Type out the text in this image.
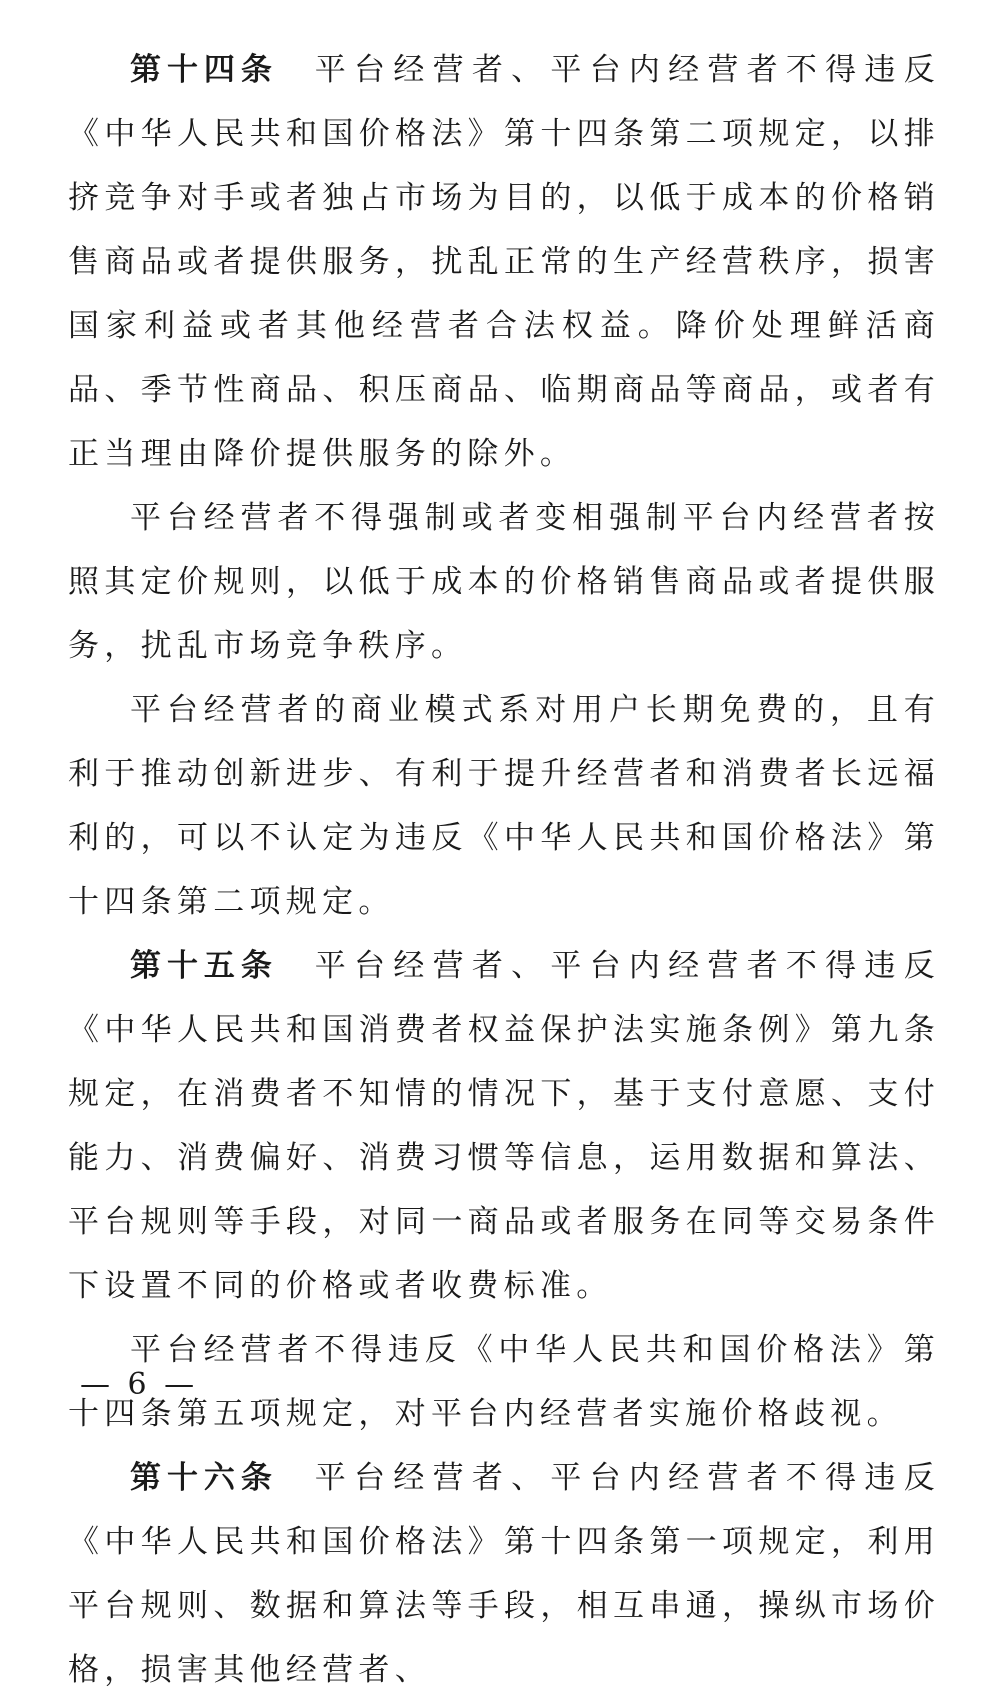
第十四条 平台经营者、平台内经营者不得违反《中华人民共和国价格法》第十四条第二项规定，以排挤竞争对手或者独占市场为目的，以低于成本的价格销售商品或者提供服务，扰乱正常的生产经营秩序，损害国家利益或者其他经营者合法权益。降价处理鲜活商品、季节性商品、积压商品、临期商品等商品，或者有正当理由降价提供服务的除外。

平台经营者不得强制或者变相强制平台内经营者按照其定价规则，以低于成本的价格销售商品或者提供服务，扰乱市场竞争秩序。

平台经营者的商业模式系对用户长期免费的，且有利于推动创新进步、有利于提升经营者和消费者长远福利的，可以不认定为违反《中华人民共和国价格法》第十四条第二项规定。

第十五条 平台经营者、平台内经营者不得违反《中华人民共和国消费者权益保护法实施条例》第九条规定，在消费者不知情的情况下，基于支付意愿、支付能力、消费偏好、消费习惯等信息，运用数据和算法、平台规则等手段，对同一商品或者服务在同等交易条件下设置不同的价格或者收费标准。

平台经营者不得违反《中华人民共和国价格法》第十四条第五项规定，对平台内经营者实施价格歧视。

第十六条 平台经营者、平台内经营者不得违反《中华人民共和国价格法》第十四条第一项规定，利用平台规则、数据和算法等手段，相互串通，操纵市场价格，损害其他经营者、

— 6 —
